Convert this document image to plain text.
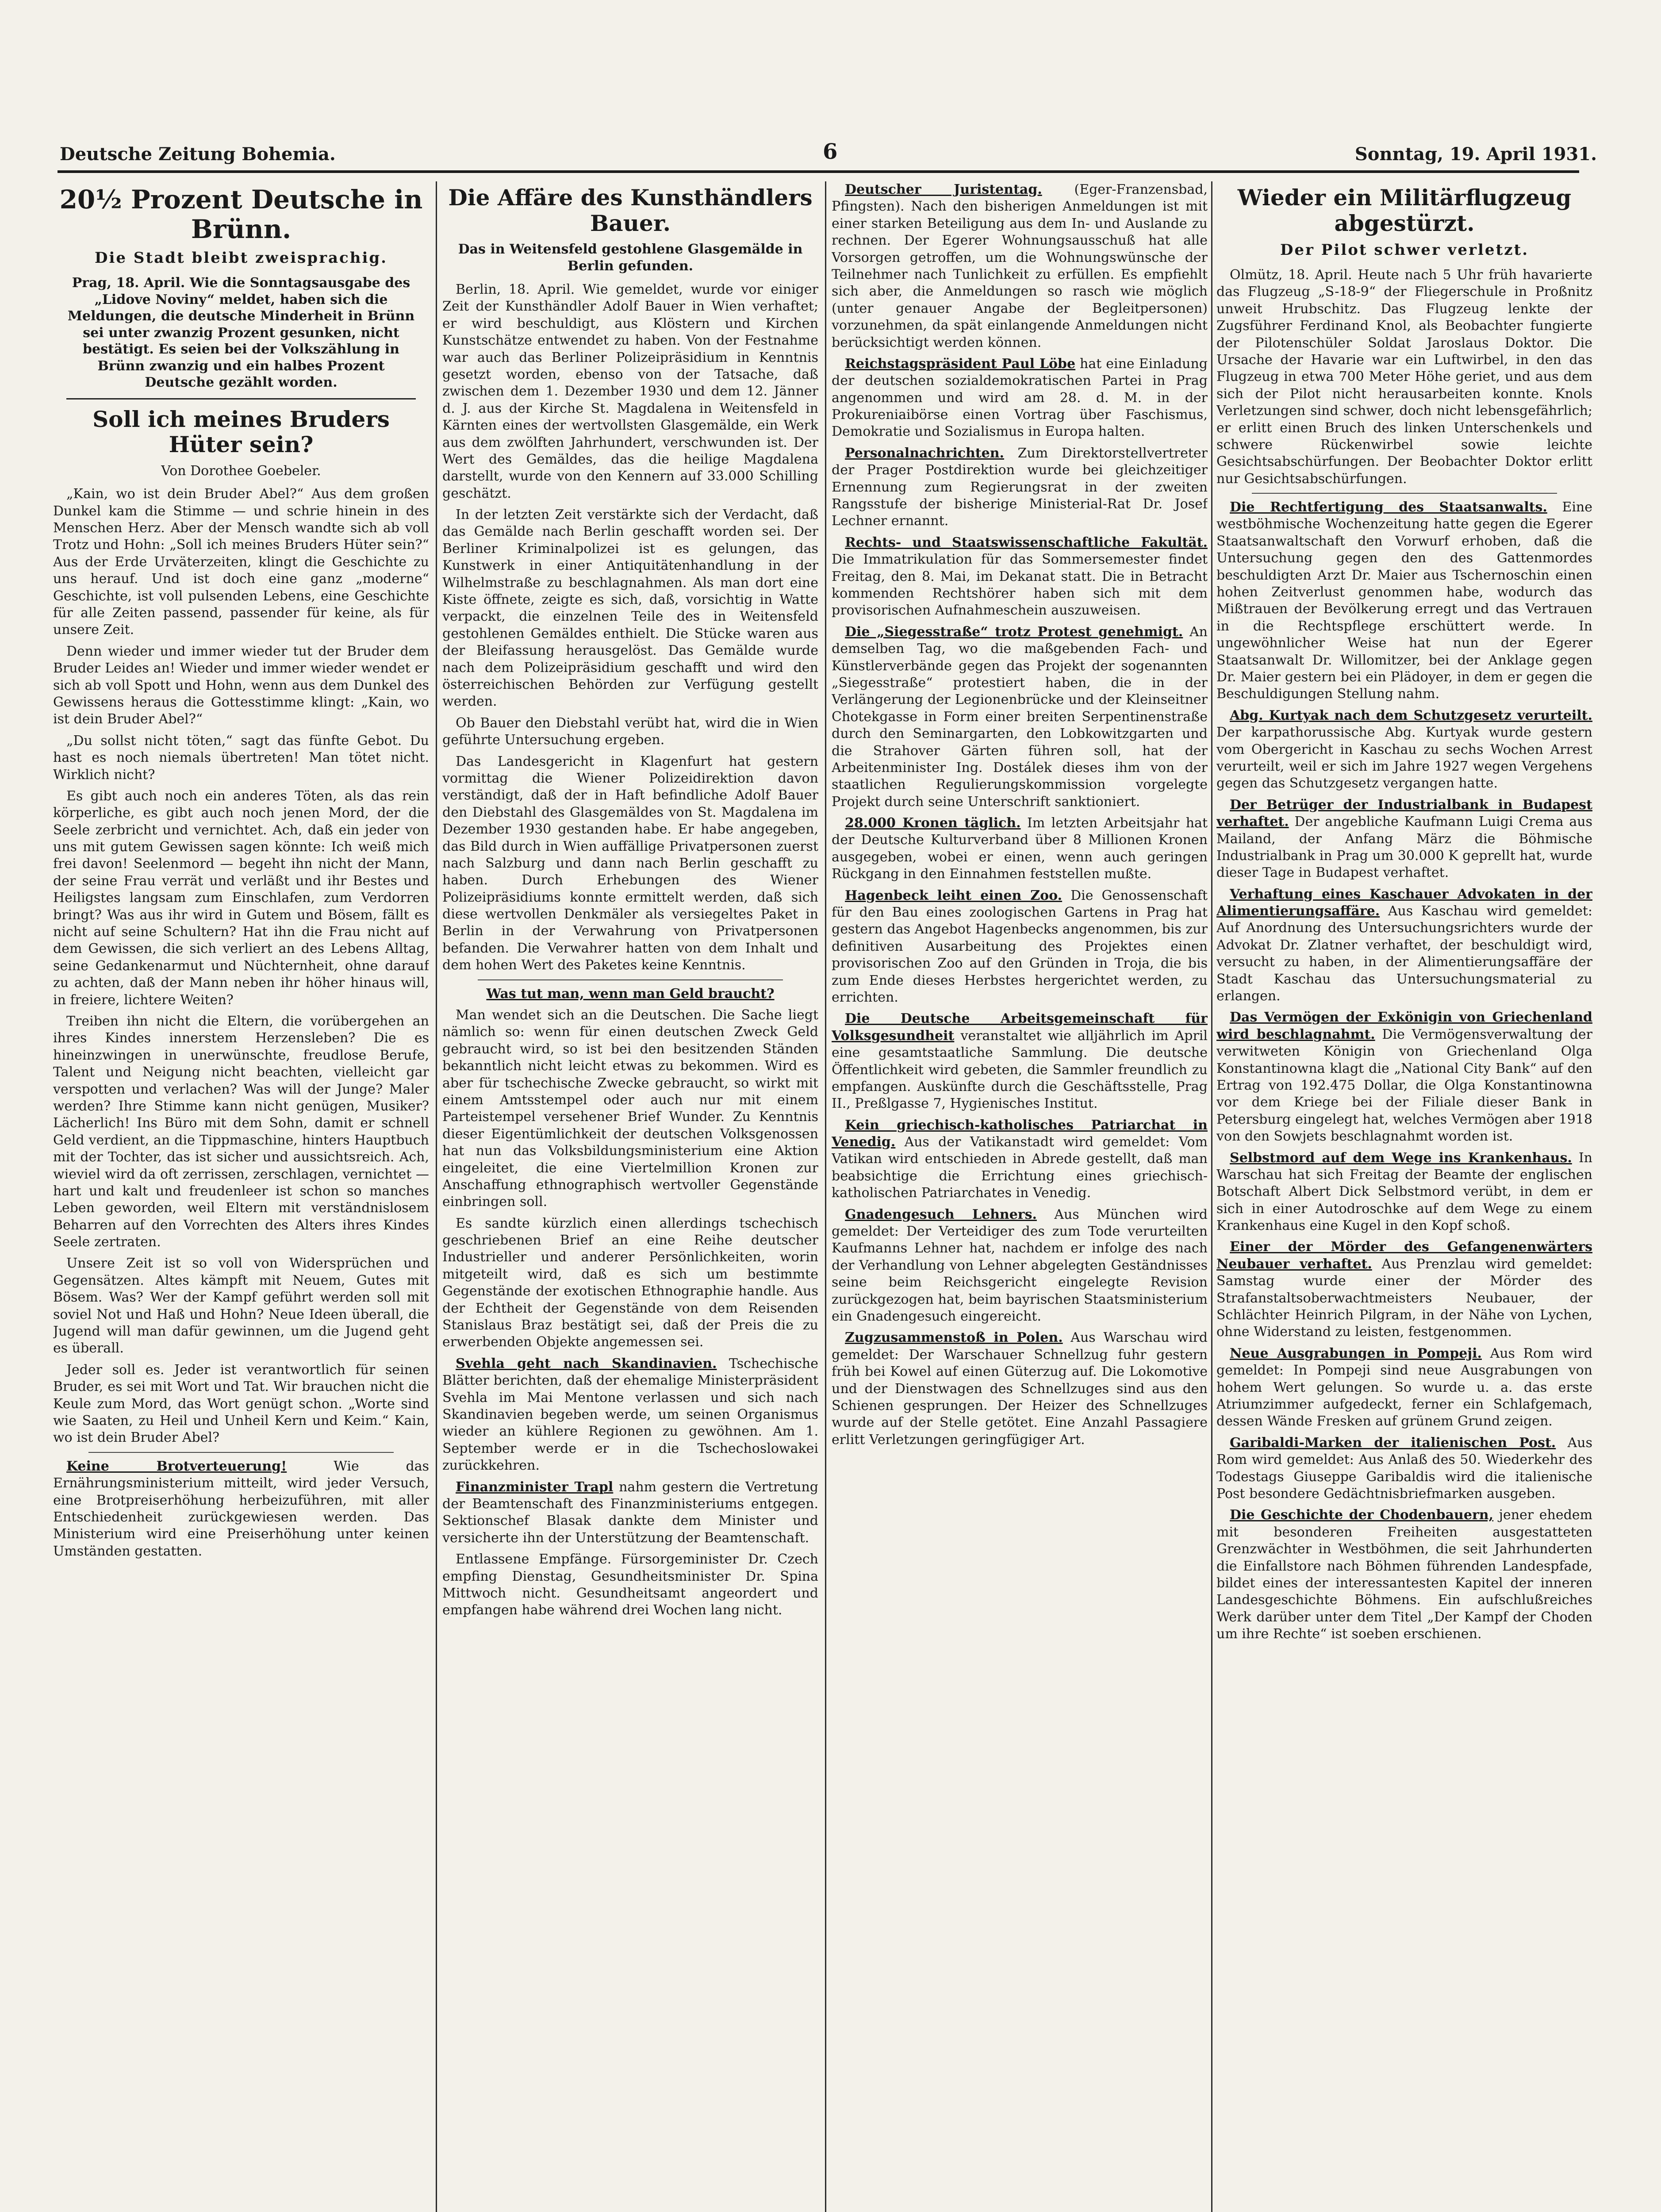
Deutsche Zeitung Bohemia.	6	Sonntag, 19. April 1931.
20½ Prozent Deutsche in Brünn.
Die Stadt bleibt zweisprachig.
Prag, 18. April. Wie die Sonntagsausgabe des „Lidove Noviny“ meldet, haben sich die Meldungen, die deutsche Minderheit in Brünn sei unter zwanzig Prozent gesunken, nicht bestätigt. Es seien bei der Volkszählung in Brünn zwanzig und ein halbes Prozent Deutsche gezählt worden.
Soll ich meines Bruders Hüter sein?

Von Dorothee Goebeler.

„Kain, wo ist dein Bruder Abel?“ Aus dem großen Dunkel kam die Stimme — und schrie hinein in des Menschen Herz. Aber der Mensch wandte sich ab voll Trotz und Hohn: „Soll ich meines Bruders Hüter sein?“ Aus der Erde Urväterzeiten, klingt die Geschichte zu uns herauf. Und ist doch eine ganz „moderne“ Geschichte, ist voll pulsenden Lebens, eine Geschichte für alle Zeiten passend, passender für keine, als für unsere Zeit.

Denn wieder und immer wieder tut der Bruder dem Bruder Leides an! Wieder und immer wieder wendet er sich ab voll Spott und Hohn, wenn aus dem Dunkel des Gewissens heraus die Gottesstimme klingt: „Kain, wo ist dein Bruder Abel?“

„Du sollst nicht töten,“ sagt das fünfte Gebot. Du hast es noch niemals übertreten! Man tötet nicht. Wirklich nicht?

Es gibt auch noch ein anderes Töten, als das rein körperliche, es gibt auch noch jenen Mord, der die Seele zerbricht und vernichtet. Ach, daß ein jeder von uns mit gutem Gewissen sagen könnte: Ich weiß mich frei davon! Seelenmord — begeht ihn nicht der Mann, der seine Frau verrät und verläßt und ihr Bestes und Heiligstes langsam zum Einschlafen, zum Verdorren bringt? Was aus ihr wird in Gutem und Bösem, fällt es nicht auf seine Schultern? Hat ihn die Frau nicht auf dem Gewissen, die sich verliert an des Lebens Alltag, seine Gedankenarmut und Nüchternheit, ohne darauf zu achten, daß der Mann neben ihr höher hinaus will, in freiere, lichtere Weiten?

Treiben ihn nicht die Eltern, die vorübergehen an ihres Kindes innerstem Herzensleben? Die es hineinzwingen in unerwünschte, freudlose Berufe, Talent und Neigung nicht beachten, vielleicht gar verspotten und verlachen? Was will der Junge? Maler werden? Ihre Stimme kann nicht genügen, Musiker? Lächerlich! Ins Büro mit dem Sohn, damit er schnell Geld verdient, an die Tippmaschine, hinters Hauptbuch mit der Tochter, das ist sicher und aussichtsreich. Ach, wieviel wird da oft zerrissen, zerschlagen, vernichtet — hart und kalt und freudenleer ist schon so manches Leben geworden, weil Eltern mit verständnislosem Beharren auf den Vorrechten des Alters ihres Kindes Seele zertraten.

Unsere Zeit ist so voll von Widersprüchen und Gegensätzen. Altes kämpft mit Neuem, Gutes mit Bösem. Was? Wer der Kampf geführt werden soll mit soviel Not und Haß und Hohn? Neue Ideen überall, die Jugend will man dafür gewinnen, um die Jugend geht es überall.

Jeder soll es. Jeder ist verantwortlich für seinen Bruder, es sei mit Wort und Tat. Wir brauchen nicht die Keule zum Mord, das Wort genügt schon. „Worte sind wie Saaten, zu Heil und Unheil Kern und Keim.“ Kain, wo ist dein Bruder Abel?

Keine Brotverteuerung!	Wie das Ernährungsministerium mitteilt, wird jeder Versuch, eine Brotpreiserhöhung herbeizuführen, mit aller Entschiedenheit zurückgewiesen werden. Das Ministerium wird eine Preiserhöhung unter keinen Umständen gestatten.

Die Affäre des Kunsthändlers Bauer.
Das in Weitensfeld gestohlene Glasgemälde in Berlin gefunden.

Berlin, 18. April. Wie gemeldet, wurde vor einiger Zeit der Kunsthändler Adolf Bauer in Wien verhaftet; er wird beschuldigt, aus Klöstern und Kirchen Kunstschätze entwendet zu haben. Von der Festnahme war auch das Berliner Polizeipräsidium in Kenntnis gesetzt worden, ebenso von der Tatsache, daß zwischen dem 1. Dezember 1930 und dem 12. Jänner d. J. aus der Kirche St. Magdalena in Weitensfeld in Kärnten eines der wertvollsten Glasgemälde, ein Werk aus dem zwölften Jahrhundert, verschwunden ist. Der Wert des Gemäldes, das die heilige Magdalena darstellt, wurde von den Kennern auf 33.000 Schilling geschätzt.

In der letzten Zeit verstärkte sich der Verdacht, daß das Gemälde nach Berlin geschafft worden sei. Der Berliner Kriminalpolizei ist es gelungen, das Kunstwerk in einer Antiquitätenhandlung in der Wilhelmstraße zu beschlagnahmen. Als man dort eine Kiste öffnete, zeigte es sich, daß, vorsichtig in Watte verpackt, die einzelnen Teile des in Weitensfeld gestohlenen Gemäldes enthielt. Die Stücke waren aus der Bleifassung herausgelöst. Das Gemälde wurde nach dem Polizeipräsidium geschafft und wird den österreichischen Behörden zur Verfügung gestellt werden.

Ob Bauer den Diebstahl verübt hat, wird die in Wien geführte Untersuchung ergeben.

Das Landesgericht in Klagenfurt hat gestern vormittag die Wiener Polizeidirektion davon verständigt, daß der in Haft befindliche Adolf Bauer den Diebstahl des Glasgemäldes von St. Magdalena im Dezember 1930 gestanden habe. Er habe angegeben, das Bild durch in Wien auffällige Privatpersonen zuerst nach Salzburg und dann nach Berlin geschafft zu haben. Durch Erhebungen des Wiener Polizeipräsidiums konnte ermittelt werden, daß sich diese wertvollen Denkmäler als versiegeltes Paket in Berlin in der Verwahrung von Privatpersonen befanden. Die Verwahrer hatten von dem Inhalt und dem hohen Wert des Paketes keine Kenntnis.

Was tut man, wenn man Geld braucht?

Man wendet sich an die Deutschen. Die Sache liegt nämlich so: wenn für einen deutschen Zweck Geld gebraucht wird, so ist bei den besitzenden Ständen bekanntlich nicht leicht etwas zu bekommen. Wird es aber für tschechische Zwecke gebraucht, so wirkt mit einem Amtsstempel oder auch nur mit einem Parteistempel versehener Brief Wunder. Zu Kenntnis dieser Eigentümlichkeit der deutschen Volksgenossen hat nun das Volksbildungsministerium eine Aktion eingeleitet, die eine Viertelmillion Kronen zur Anschaffung ethnographisch wertvoller Gegenstände einbringen soll.

Es sandte kürzlich einen allerdings tschechisch geschriebenen Brief an eine Reihe deutscher Industrieller und anderer Persönlichkeiten, worin mitgeteilt wird, daß es sich um bestimmte Gegenstände der exotischen Ethnographie handle. Aus der Echtheit der Gegenstände von dem Reisenden Stanislaus Braz bestätigt sei, daß der Preis die zu erwerbenden Objekte angemessen sei.

Svehla geht nach Skandinavien. Tschechische Blätter berichten, daß der ehemalige Ministerpräsident Svehla im Mai Mentone verlassen und sich nach Skandinavien begeben werde, um seinen Organismus wieder an kühlere Regionen zu gewöhnen. Am 1. September werde er in die Tschechoslowakei zurückkehren.

Finanzminister Trapl nahm gestern die Vertretung der Beamtenschaft des Finanzministeriums entgegen. Sektionschef Blasak dankte dem Minister und versicherte ihn der Unterstützung der Beamtenschaft.

Entlassene Empfänge. Fürsorgeminister Dr. Czech empfing Dienstag, Gesundheitsminister Dr. Spina Mittwoch nicht. Gesundheitsamt angeordert und empfangen habe während drei Wochen lang nicht.

Deutscher Juristentag. (Eger-Franzensbad, Pfingsten). Nach den bisherigen Anmeldungen ist mit einer starken Beteiligung aus dem In- und Auslande zu rechnen. Der Egerer Wohnungsausschuß hat alle Vorsorgen getroffen, um die Wohnungswünsche der Teilnehmer nach Tunlichkeit zu erfüllen. Es empfiehlt sich aber, die Anmeldungen so rasch wie möglich (unter genauer Angabe der Begleitpersonen) vorzunehmen, da spät einlangende Anmeldungen nicht berücksichtigt werden können.

Reichstagspräsident Paul Löbe hat eine Einladung der deutschen sozialdemokratischen Partei in Prag angenommen und wird am 28. d. M. in der Prokureniaibörse einen Vortrag über Faschismus, Demokratie und Sozialismus in Europa halten.

Personalnachrichten. Zum Direktorstellvertreter der Prager Postdirektion wurde bei gleichzeitiger Ernennung zum Regierungsrat in der zweiten Rangsstufe der bisherige Ministerial-Rat Dr. Josef Lechner ernannt.

Rechts- und Staatswissenschaftliche Fakultät. Die Immatrikulation für das Sommersemester findet Freitag, den 8. Mai, im Dekanat statt. Die in Betracht kommenden Rechtshörer haben sich mit dem provisorischen Aufnahmeschein auszuweisen.

Die „Siegesstraße“ trotz Protest genehmigt. An demselben Tag, wo die maßgebenden Fach- und Künstlerverbände gegen das Projekt der sogenannten „Siegesstraße“ protestiert haben, die in der Verlängerung der Legionenbrücke und der Kleinseitner Chotekgasse in Form einer breiten Serpentinenstraße durch den Seminargarten, den Lobkowitzgarten und die Strahover Gärten führen soll, hat der Arbeitenminister Ing. Dostálek dieses ihm von der staatlichen Regulierungskommission vorgelegte Projekt durch seine Unterschrift sanktioniert.

28.000 Kronen täglich. Im letzten Arbeitsjahr hat der Deutsche Kulturverband über 8 Millionen Kronen ausgegeben, wobei er einen, wenn auch geringen Rückgang in den Einnahmen feststellen mußte.

Hagenbeck leiht einen Zoo. Die Genossenschaft für den Bau eines zoologischen Gartens in Prag hat gestern das Angebot Hagenbecks angenommen, bis zur definitiven Ausarbeitung des Projektes einen provisorischen Zoo auf den Gründen in Troja, die bis zum Ende dieses Herbstes hergerichtet werden, zu errichten.

Die Deutsche Arbeitsgemeinschaft für Volksgesundheit veranstaltet wie alljährlich im April eine gesamtstaatliche Sammlung. Die deutsche Öffentlichkeit wird gebeten, die Sammler freundlich zu empfangen. Auskünfte durch die Geschäftsstelle, Prag II., Preßlgasse 7, Hygienisches Institut.

Kein griechisch-katholisches Patriarchat in Venedig. Aus der Vatikanstadt wird gemeldet: Vom Vatikan wird entschieden in Abrede gestellt, daß man beabsichtige die Errichtung eines griechisch-katholischen Patriarchates in Venedig.

Gnadengesuch Lehners. Aus München wird gemeldet: Der Verteidiger des zum Tode verurteilten Kaufmanns Lehner hat, nachdem er infolge des nach der Verhandlung von Lehner abgelegten Geständnisses seine beim Reichsgericht eingelegte Revision zurückgezogen hat, beim bayrischen Staatsministerium ein Gnadengesuch eingereicht.

Zugzusammenstoß in Polen. Aus Warschau wird gemeldet: Der Warschauer Schnellzug fuhr gestern früh bei Kowel auf einen Güterzug auf. Die Lokomotive und der Dienstwagen des Schnellzuges sind aus den Schienen gesprungen. Der Heizer des Schnellzuges wurde auf der Stelle getötet. Eine Anzahl Passagiere erlitt Verletzungen geringfügiger Art.

Wieder ein Militärflugzeug abgestürzt.
Der Pilot schwer verletzt.

Olmütz, 18. April. Heute nach 5 Uhr früh havarierte das Flugzeug „S-18-9“ der Fliegerschule in Proßnitz unweit Hrubschitz. Das Flugzeug lenkte der Zugsführer Ferdinand Knol, als Beobachter fungierte der Pilotenschüler Soldat Jaroslaus Doktor. Die Ursache der Havarie war ein Luftwirbel, in den das Flugzeug in etwa 700 Meter Höhe geriet, und aus dem sich der Pilot nicht herausarbeiten konnte. Knols Verletzungen sind schwer, doch nicht lebensgefährlich; er erlitt einen Bruch des linken Unterschenkels und schwere Rückenwirbel sowie leichte Gesichtsabschürfungen. Der Beobachter Doktor erlitt nur Gesichtsabschürfungen.

Die Rechtfertigung des Staatsanwalts. Eine westböhmische Wochenzeitung hatte gegen die Egerer Staatsanwaltschaft den Vorwurf erhoben, daß die Untersuchung gegen den des Gattenmordes beschuldigten Arzt Dr. Maier aus Tschernoschin einen hohen Zeitverlust genommen habe, wodurch das Mißtrauen der Bevölkerung erregt und das Vertrauen in die Rechtspflege erschüttert werde. In ungewöhnlicher Weise hat nun der Egerer Staatsanwalt Dr. Willomitzer, bei der Anklage gegen Dr. Maier gestern bei ein Plädoyer, in dem er gegen die Beschuldigungen Stellung nahm.

Abg. Kurtyak nach dem Schutzgesetz verurteilt. Der karpathorussische Abg. Kurtyak wurde gestern vom Obergericht in Kaschau zu sechs Wochen Arrest verurteilt, weil er sich im Jahre 1927 wegen Vergehens gegen das Schutzgesetz vergangen hatte.

Der Betrüger der Industrialbank in Budapest verhaftet. Der angebliche Kaufmann Luigi Crema aus Mailand, der Anfang März die Böhmische Industrialbank in Prag um 30.000 K geprellt hat, wurde dieser Tage in Budapest verhaftet.

Verhaftung eines Kaschauer Advokaten in der Alimentierungsaffäre. Aus Kaschau wird gemeldet: Auf Anordnung des Untersuchungsrichters wurde der Advokat Dr. Zlatner verhaftet, der beschuldigt wird, versucht zu haben, in der Alimentierungsaffäre der Stadt Kaschau das Untersuchungsmaterial zu erlangen.

Das Vermögen der Exkönigin von Griechenland wird beschlagnahmt. Die Vermögensverwaltung der verwitweten Königin von Griechenland Olga Konstantinowna klagt die „National City Bank“ auf den Ertrag von 192.475 Dollar, die Olga Konstantinowna vor dem Kriege bei der Filiale dieser Bank in Petersburg eingelegt hat, welches Vermögen aber 1918 von den Sowjets beschlagnahmt worden ist.

Selbstmord auf dem Wege ins Krankenhaus. In Warschau hat sich Freitag der Beamte der englischen Botschaft Albert Dick Selbstmord verübt, in dem er sich in einer Autodroschke auf dem Wege zu einem Krankenhaus eine Kugel in den Kopf schoß.

Einer der Mörder des Gefangenenwärters Neubauer verhaftet. Aus Prenzlau wird gemeldet: Samstag wurde einer der Mörder des Strafanstaltsoberwachtmeisters Neubauer, der Schlächter Heinrich Pilgram, in der Nähe von Lychen, ohne Widerstand zu leisten, festgenommen.

Neue Ausgrabungen in Pompeji. Aus Rom wird gemeldet: In Pompeji sind neue Ausgrabungen von hohem Wert gelungen. So wurde u. a. das erste Atriumzimmer aufgedeckt, ferner ein Schlafgemach, dessen Wände Fresken auf grünem Grund zeigen.

Garibaldi-Marken der italienischen Post. Aus Rom wird gemeldet: Aus Anlaß des 50. Wiederkehr des Todestags Giuseppe Garibaldis wird die italienische Post besondere Gedächtnisbriefmarken ausgeben.

Die Geschichte der Chodenbauern, jener ehedem mit besonderen Freiheiten ausgestatteten Grenzwächter in Westböhmen, die seit Jahrhunderten die Einfallstore nach Böhmen führenden Landespfade, bildet eines der interessantesten Kapitel der inneren Landesgeschichte Böhmens. Ein aufschlußreiches Werk darüber unter dem Titel „Der Kampf der Choden um ihre Rechte“ ist soeben erschienen.
